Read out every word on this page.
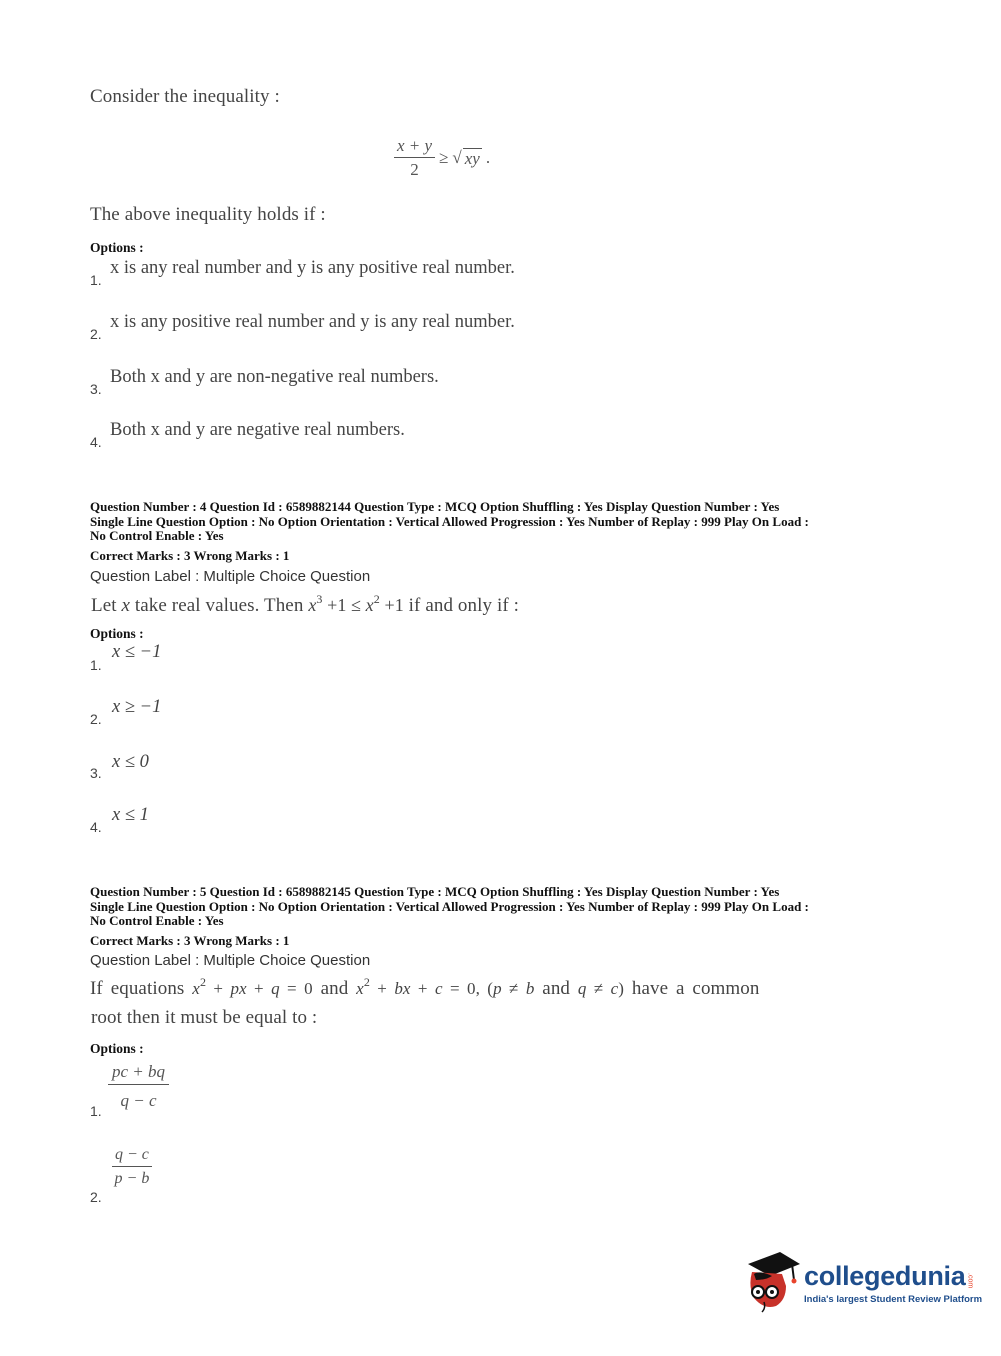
Consider the inequality :
$\frac{x + y}{2}$ ≥ √ xy .
The above inequality holds if :
Options :
1.
x is any real number and y is any positive real number.
2.
x is any positive real number and y is any real number.
3.
Both x and y are non-negative real numbers.
4.
Both x and y are negative real numbers.
Question Number : 4 Question Id : 6589882144 Question Type : MCQ Option Shuffling : Yes Display Question Number : Yes
Single Line Question Option : No Option Orientation : Vertical Allowed Progression : Yes Number of Replay : 999 Play On Load :
No Control Enable : Yes
Correct Marks : 3 Wrong Marks : 1
Question Label : Multiple Choice Question
Let x take real values. Then $x^3 +1 \le x^2 +1$ if and only if :
Options :
1.
x ≤ −1
2.
x ≥ −1
3.
x ≤ 0
4.
x ≤ 1
Question Number : 5 Question Id : 6589882145 Question Type : MCQ Option Shuffling : Yes Display Question Number : Yes
Single Line Question Option : No Option Orientation : Vertical Allowed Progression : Yes Number of Replay : 999 Play On Load :
No Control Enable : Yes
Correct Marks : 3 Wrong Marks : 1
Question Label : Multiple Choice Question
If equations $x^2$ + px + q = 0 and $x^2$ + bx + c = 0, (p ≠ b and q ≠ c) have a common
root then it must be equal to :
Options :
1. $\frac{pc + bq}{q - c}$
2.
$\frac{q - c}{p - b}$
collegedunia .com
India's largest Student Review Platform
